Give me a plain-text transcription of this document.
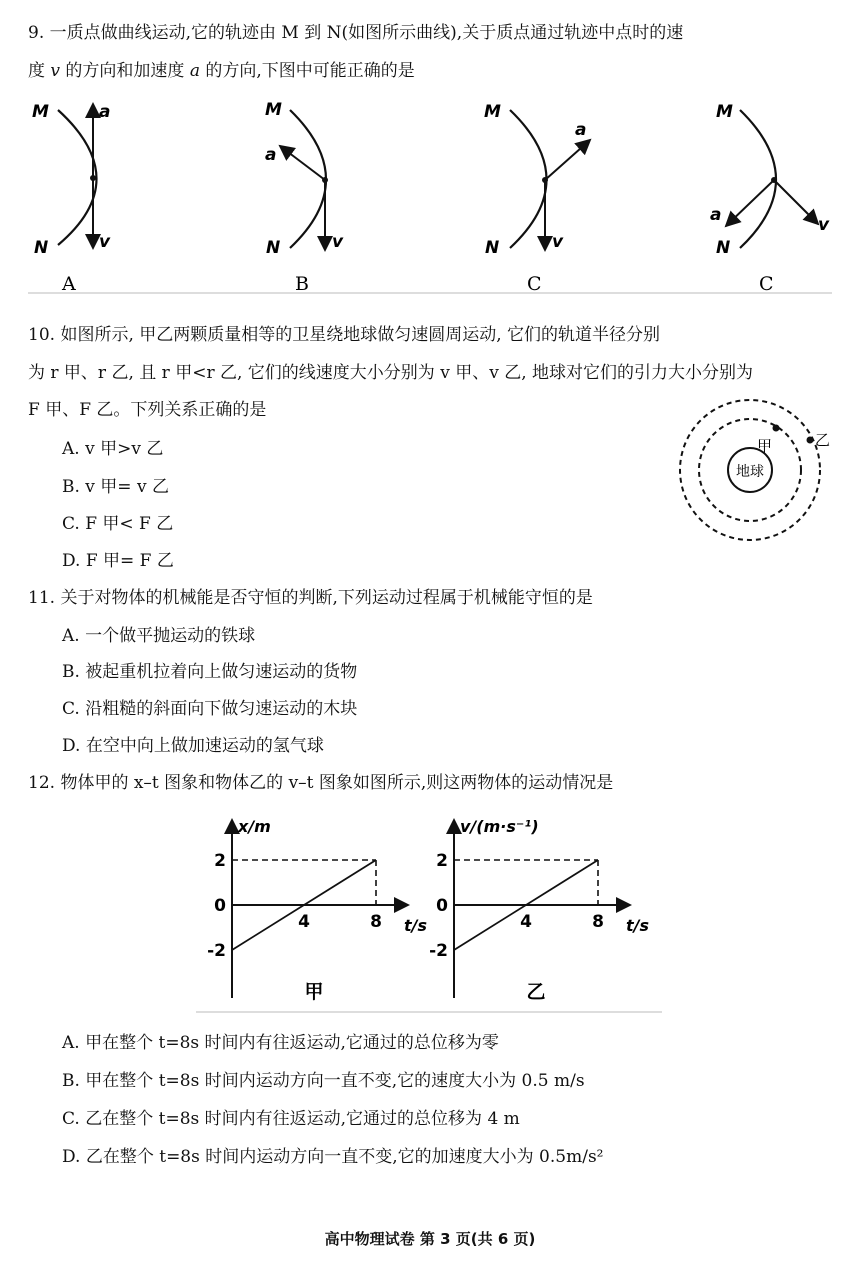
9. 一质点做曲线运动,它的轨迹由 M 到 N(如图所示曲线),关于质点通过轨迹中点时的速
度 v 的方向和加速度 a 的方向,下图中可能正确的是
M	a
N	v
M
a
N	v
M
a
N	v
M
a
N
v
A	B	C	C
10. 如图所示, 甲乙两颗质量相等的卫星绕地球做匀速圆周运动, 它们的轨道半径分别
为 r 甲、r 乙, 且 r 甲<r 乙, 它们的线速度大小分别为 v 甲、v 乙, 地球对它们的引力大小分别为
F 甲、F 乙。下列关系正确的是
A. v 甲>v 乙
B. v 甲= v 乙
C. F 甲< F 乙
D. F 甲= F 乙
地球
甲	乙
11. 关于对物体的机械能是否守恒的判断,下列运动过程属于机械能守恒的是
A. 一个做平抛运动的铁球
B. 被起重机拉着向上做匀速运动的货物
C. 沿粗糙的斜面向下做匀速运动的木块
D. 在空中向上做加速运动的氢气球
12. 物体甲的 x–t 图象和物体乙的 v–t 图象如图所示,则这两物体的运动情况是
x/m
t/s
2
0
-2
4	8
甲
v/(m·s⁻¹)
t/s
2
0
-2
4	8
乙
A. 甲在整个 t=8s 时间内有往返运动,它通过的总位移为零
B. 甲在整个 t=8s 时间内运动方向一直不变,它的速度大小为 0.5 m/s
C. 乙在整个 t=8s 时间内有往返运动,它通过的总位移为 4 m
D. 乙在整个 t=8s 时间内运动方向一直不变,它的加速度大小为 0.5m/s²
高中物理试卷 第 3 页(共 6 页)
